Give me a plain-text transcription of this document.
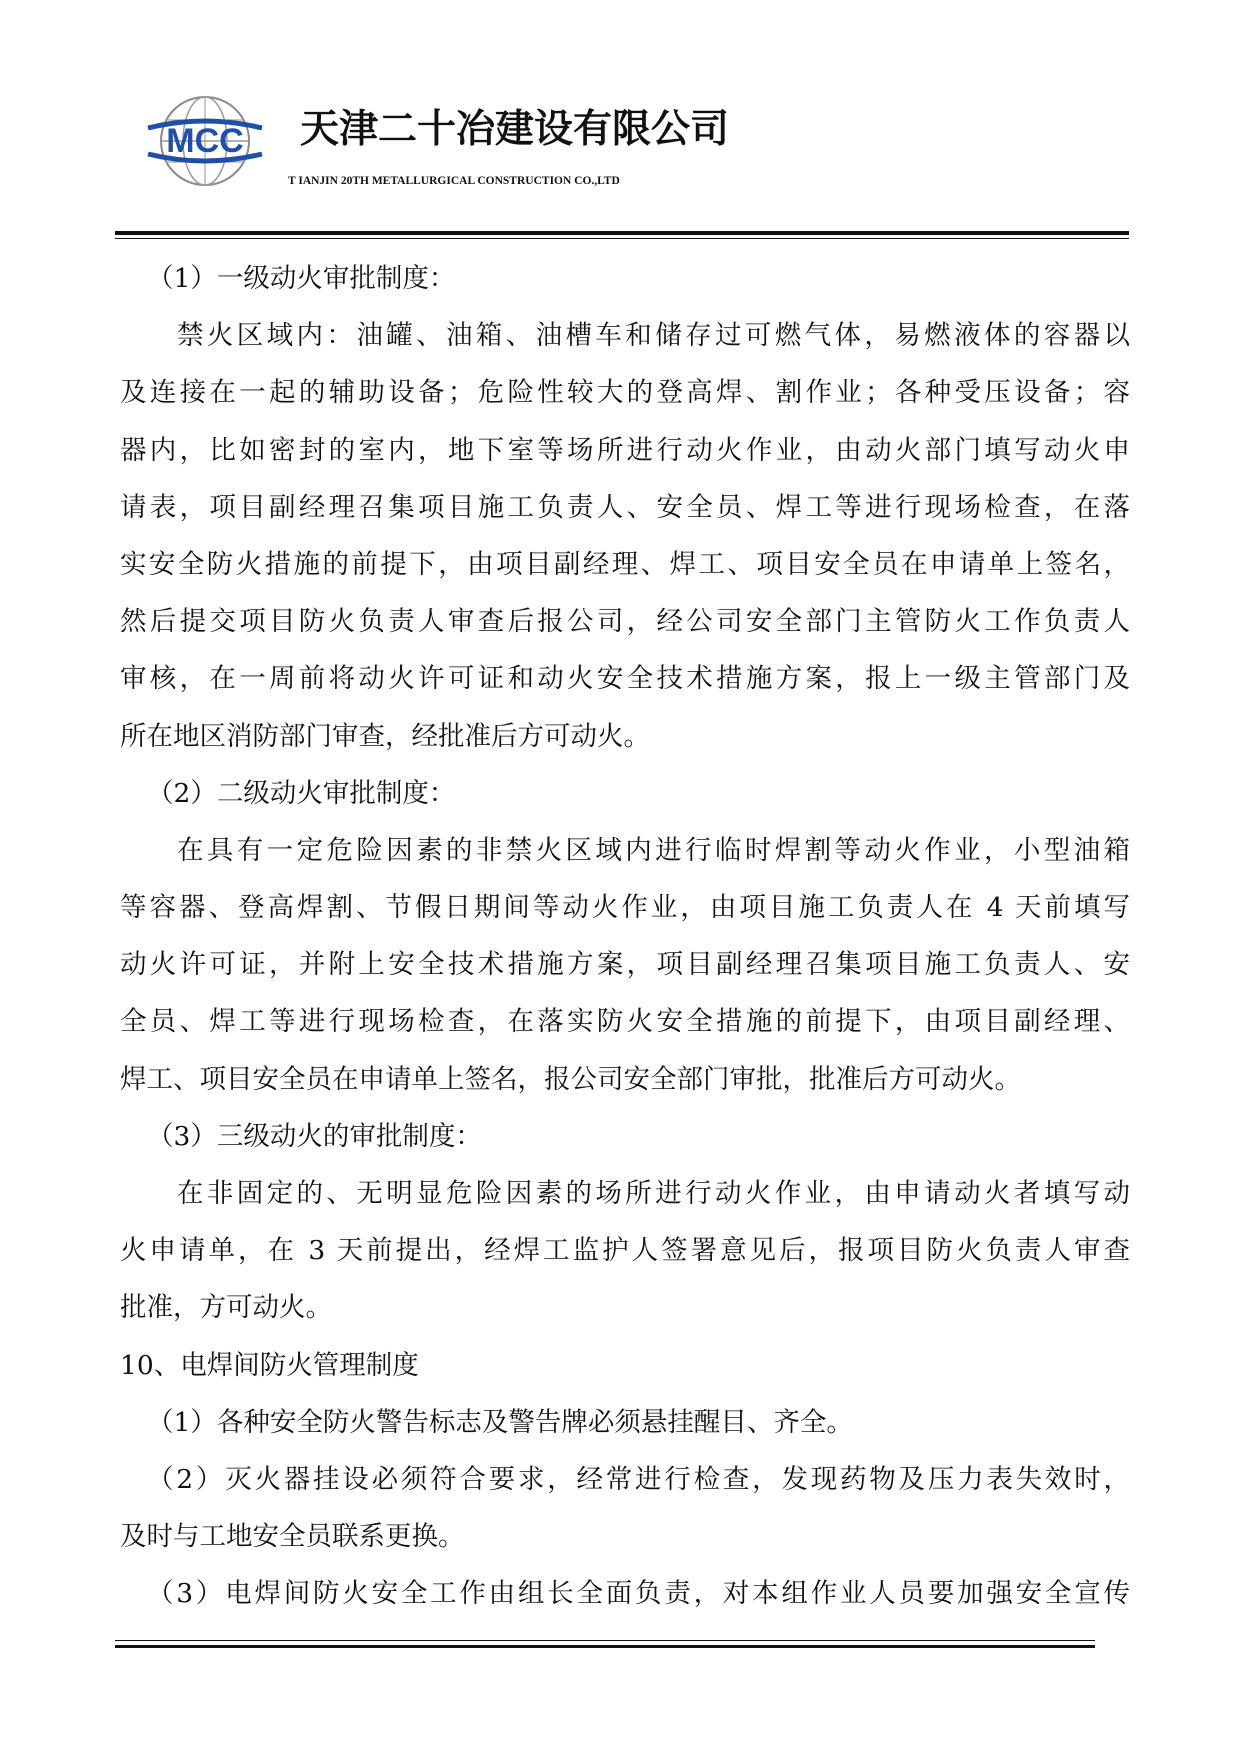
MCC 天津二十冶建设有限公司
T IANJIN 20TH METALLURGICAL CONSTRUCTION CO.,LTD
（1）一级动火审批制度：
禁火区域内：油罐、油箱、油槽车和储存过可燃气体，易燃液体的容器以
及连接在一起的辅助设备；危险性较大的登高焊、割作业；各种受压设备；容
器内，比如密封的室内，地下室等场所进行动火作业，由动火部门填写动火申
请表，项目副经理召集项目施工负责人、安全员、焊工等进行现场检查，在落
实安全防火措施的前提下，由项目副经理、焊工、项目安全员在申请单上签名，
然后提交项目防火负责人审查后报公司，经公司安全部门主管防火工作负责人
审核，在一周前将动火许可证和动火安全技术措施方案，报上一级主管部门及
所在地区消防部门审查，经批准后方可动火。
（2）二级动火审批制度：
在具有一定危险因素的非禁火区域内进行临时焊割等动火作业，小型油箱
等容器、登高焊割、节假日期间等动火作业，由项目施工负责人在 4 天前填写
动火许可证，并附上安全技术措施方案，项目副经理召集项目施工负责人、安
全员、焊工等进行现场检查，在落实防火安全措施的前提下，由项目副经理、
焊工、项目安全员在申请单上签名，报公司安全部门审批，批准后方可动火。
（3）三级动火的审批制度：
在非固定的、无明显危险因素的场所进行动火作业，由申请动火者填写动
火申请单，在 3 天前提出，经焊工监护人签署意见后，报项目防火负责人审查
批准，方可动火。
10、电焊间防火管理制度
（1）各种安全防火警告标志及警告牌必须悬挂醒目、齐全。
（2）灭火器挂设必须符合要求，经常进行检查，发现药物及压力表失效时，
及时与工地安全员联系更换。
（3）电焊间防火安全工作由组长全面负责，对本组作业人员要加强安全宣传
